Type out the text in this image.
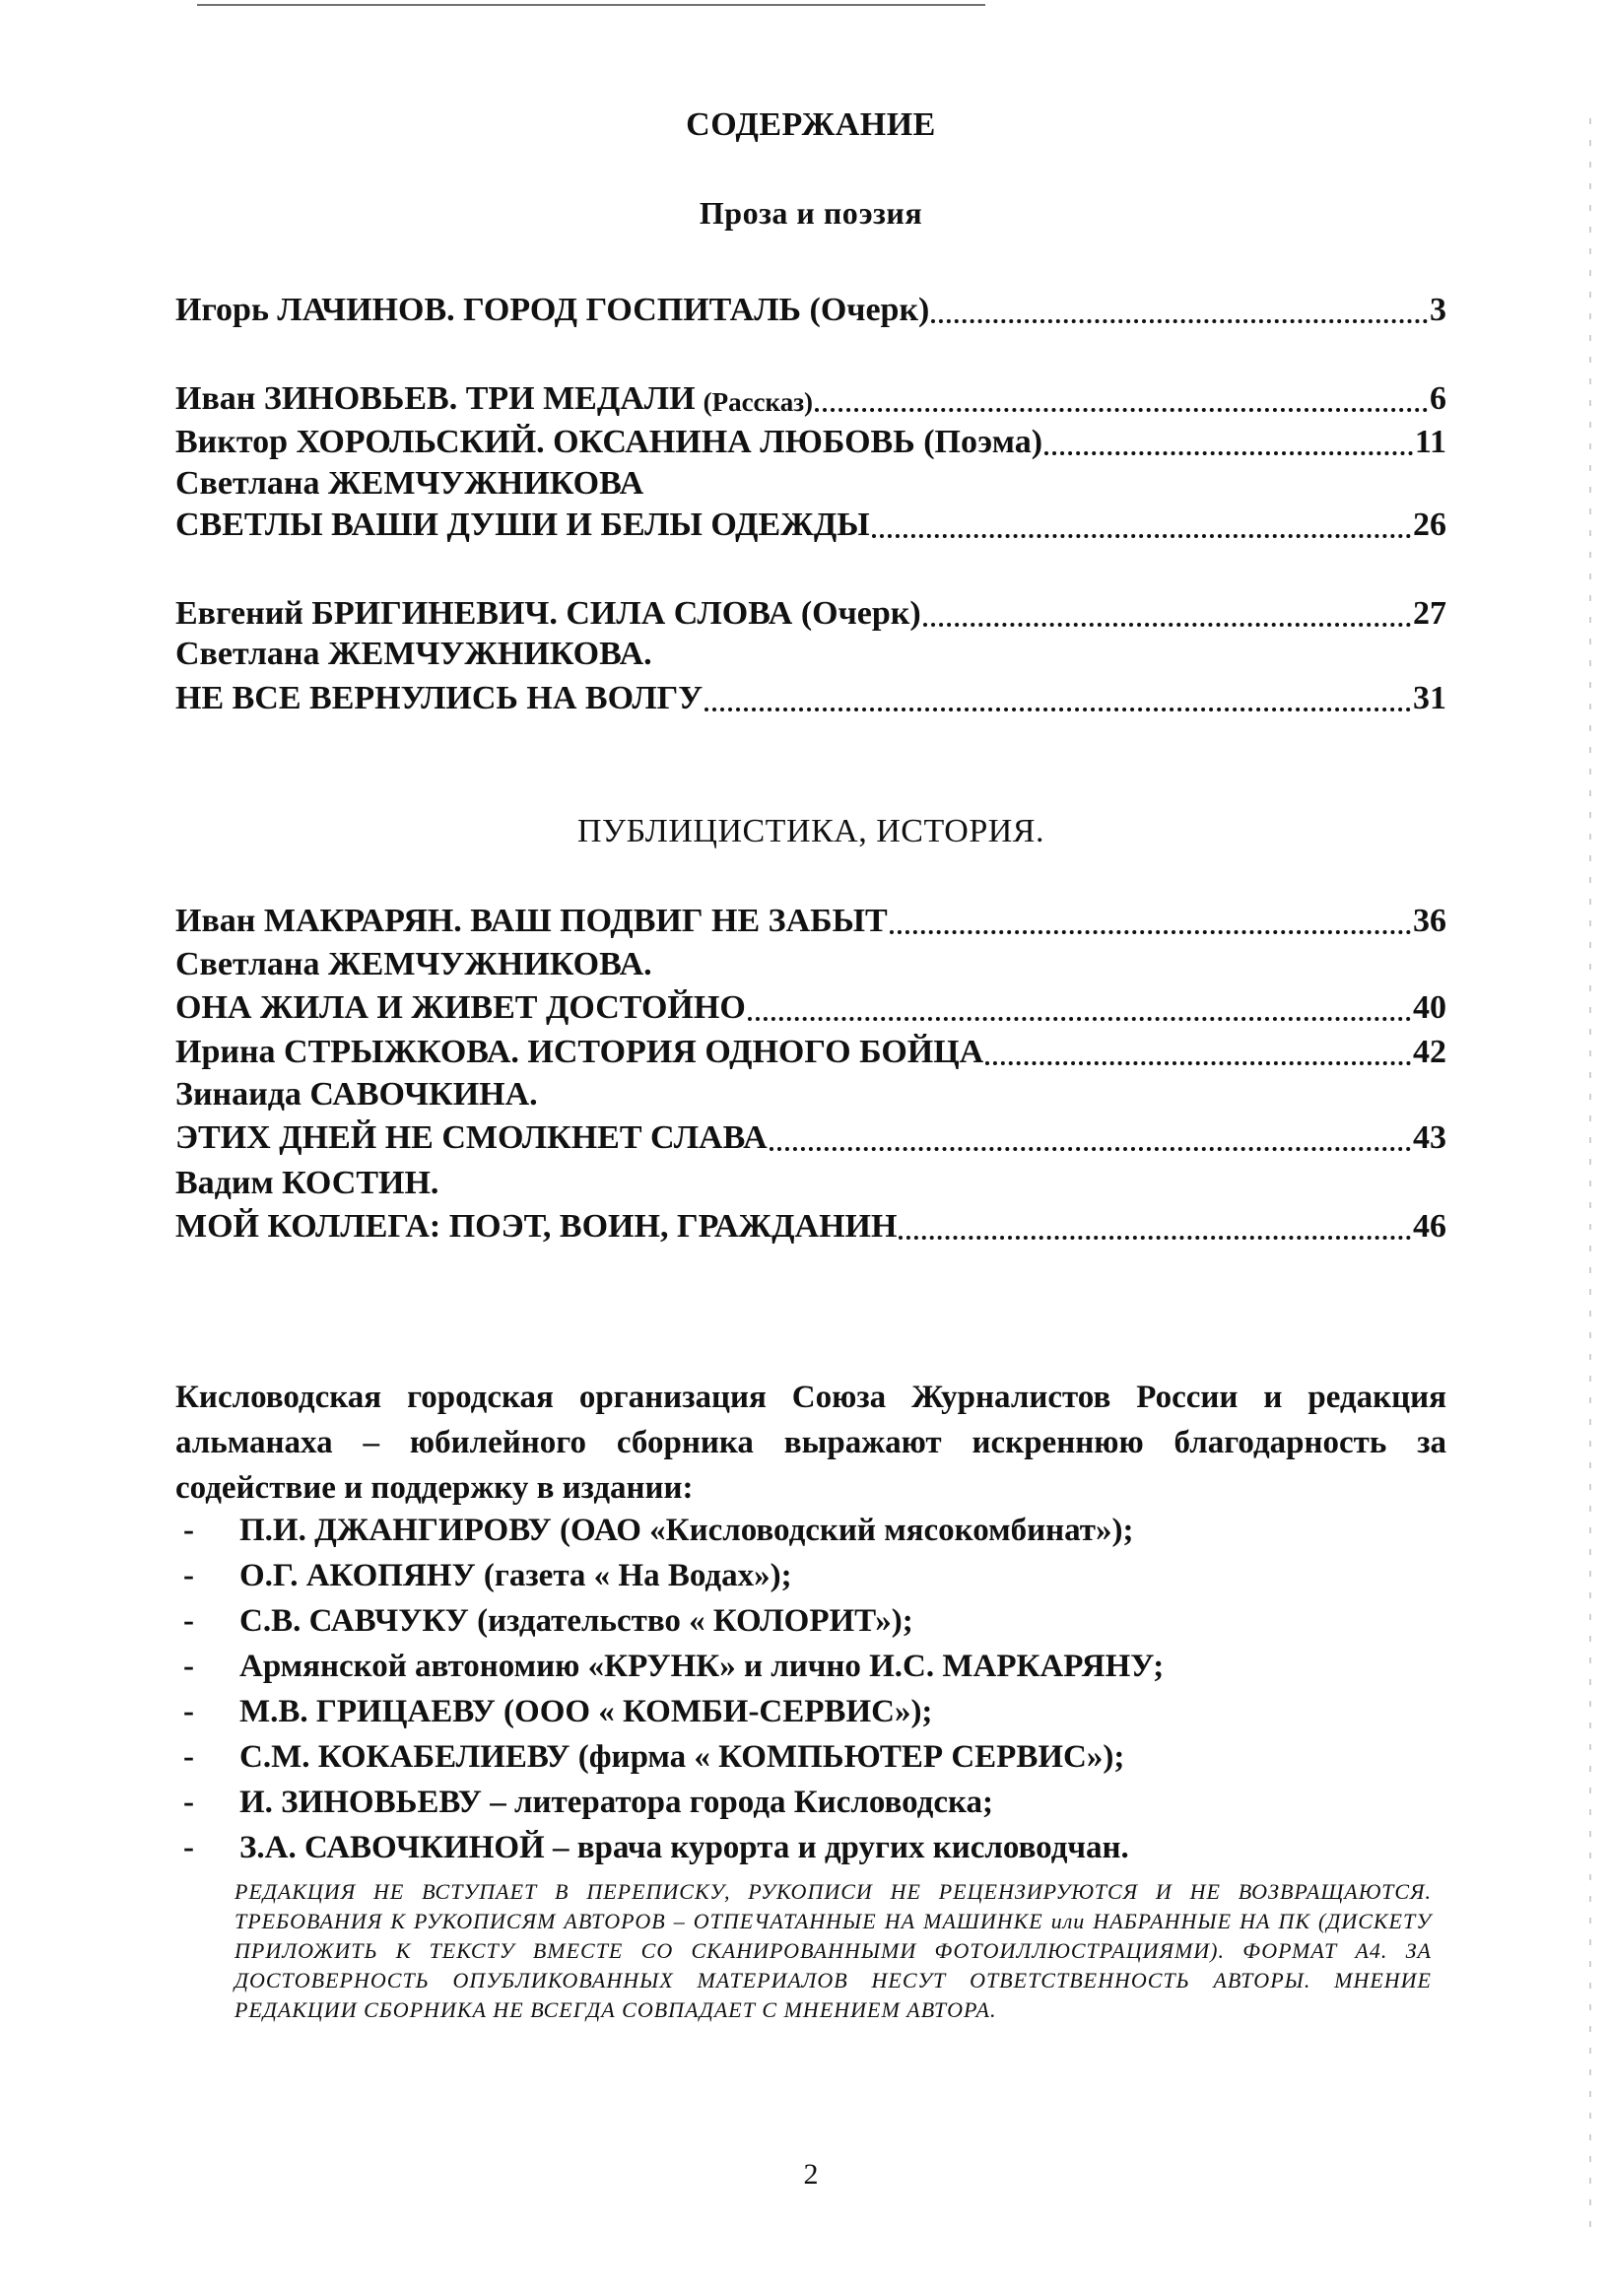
СОДЕРЖАНИЕ
Проза и поэзия
Игорь ЛАЧИНОВ. ГОРОД ГОСПИТАЛЬ (Очерк)	3
Иван ЗИНОВЬЕВ. ТРИ МЕДАЛИ (Рассказ)	6
Виктор ХОРОЛЬСКИЙ. ОКСАНИНА ЛЮБОВЬ (Поэма)	11
Светлана ЖЕМЧУЖНИКОВА
СВЕТЛЫ ВАШИ ДУШИ И БЕЛЫ ОДЕЖДЫ	26
Евгений БРИГИНЕВИЧ. СИЛА СЛОВА (Очерк)	27
Светлана ЖЕМЧУЖНИКОВА.
НЕ ВСЕ ВЕРНУЛИСЬ НА ВОЛГУ	31
ПУБЛИЦИСТИКА, ИСТОРИЯ.
Иван МАКРАРЯН. ВАШ ПОДВИГ НЕ ЗАБЫТ	36
Светлана ЖЕМЧУЖНИКОВА.
ОНА ЖИЛА И ЖИВЕТ ДОСТОЙНО	40
Ирина СТРЫЖКОВА. ИСТОРИЯ ОДНОГО БОЙЦА	42
Зинаида САВОЧКИНА.
ЭТИХ ДНЕЙ НЕ СМОЛКНЕТ СЛАВА	43
Вадим КОСТИН.
МОЙ КОЛЛЕГА: ПОЭТ, ВОИН, ГРАЖДАНИН	46
Кисловодская городская организация Союза Журналистов России и редакция альманаха – юбилейного сборника выражают искреннюю благодарность за содействие и поддержку в издании:
- П.И. ДЖАНГИРОВУ (ОАО «Кисловодский мясокомбинат»);
- О.Г. АКОПЯНУ (газета « На Водах»);
- С.В. САВЧУКУ (издательство « КОЛОРИТ»);
- Армянской автономию «КРУНК» и лично И.С. МАРКАРЯНУ;
- М.В. ГРИЦАЕВУ (ООО « КОМБИ-СЕРВИС»);
- С.М. КОКАБЕЛИЕВУ (фирма « КОМПЬЮТЕР СЕРВИС»);
- И. ЗИНОВЬЕВУ – литератора города Кисловодска;
- З.А. САВОЧКИНОЙ – врача курорта и других кисловодчан.
РЕДАКЦИЯ НЕ ВСТУПАЕТ В ПЕРЕПИСКУ, РУКОПИСИ НЕ РЕЦЕНЗИРУЮТСЯ И НЕ ВОЗВРАЩАЮТСЯ. ТРЕБОВАНИЯ К РУКОПИСЯМ АВТОРОВ – ОТПЕЧАТАННЫЕ НА МАШИНКЕ или НАБРАННЫЕ НА ПК (ДИСКЕТУ ПРИЛОЖИТЬ К ТЕКСТУ ВМЕСТЕ СО СКАНИРОВАННЫМИ ФОТОИЛЛЮСТРАЦИЯМИ). ФОРМАТ А4. ЗА ДОСТОВЕРНОСТЬ ОПУБЛИКОВАННЫХ МАТЕРИАЛОВ НЕСУТ ОТВЕТСТВЕННОСТЬ АВТОРЫ. МНЕНИЕ РЕДАКЦИИ СБОРНИКА НЕ ВСЕГДА СОВПАДАЕТ С МНЕНИЕМ АВТОРА.
2
